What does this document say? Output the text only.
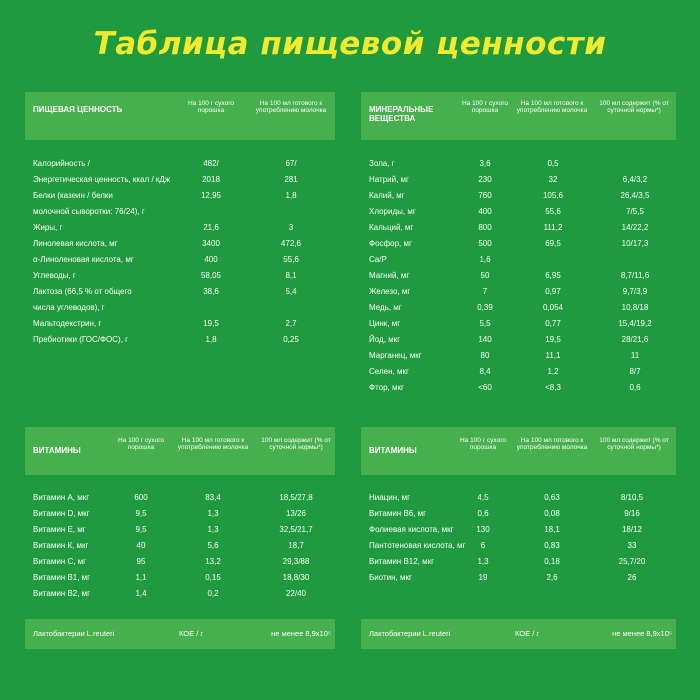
Таблица пищевой ценности
ПИЩЕВАЯ ЦЕННОСТЬ
На 100 г сухого порошка
На 100 мл готового к употреблению молочка
Калорийность /	482/	67/
Энергетическая ценность, ккал / кДж	2018	281
Белки (казеин / белки	12,95	1,8
молочной сыворотки: 76/24), г
Жиры, г	21,6	3
Линолевая кислота, мг	3400	472,6
α-Линоленовая кислота, мг	400	55,6
Углеводы, г	58,05	8,1
Лактоза (66,5 % от общего	38,6	5,4
числа углеводов), г
Мальтодекстрин, г	19,5	2,7
Пребиотики (ГОС/ФОС), г	1,8	0,25
МИНЕРАЛЬНЫЕ ВЕЩЕСТВА
На 100 г сухого порошка
На 100 мл готового к употреблению молочка
100 мл содержит (% от суточной нормы*)
Зола, г	3,6	0,5
Натрий, мг	230	32	6,4/3,2
Калий, мг	760	105,6	26,4/3,5
Хлориды, мг	400	55,6	7/5,5
Кальций, мг	800	111,2	14/22,2
Фосфор, мг	500	69,5	10/17,3
Ca/P	1,6
Магний, мг	50	6,95	8,7/11,6
Железо, мг	7	0,97	9,7/3,9
Медь, мг	0,39	0,054	10,8/18
Цинк, мг	5,5	0,77	15,4/19,2
Йод, мкг	140	19,5	28/21,6
Марганец, мкг	80	11,1	11
Селен, мкг	8,4	1,2	8/7
Фтор, мкг	<60	<8,3	0,6
ВИТАМИНЫ
На 100 г сухого порошка
На 100 мл готового к употреблению молочка
100 мл содержит (% от суточной нормы*)
Витамин А, мкг	600	83,4	18,5/27,8
Витамин D, мкг	9,5	1,3	13/26
Витамин Е, мг	9,5	1,3	32,5/21,7
Витамин К, мкг	40	5,6	18,7
Витамин С, мг	95	13,2	29,3/88
Витамин В1, мг	1,1	0,15	18,8/30
Витамин В2, мг	1,4	0,2	22/40
Лактобактерии L.reuteri	КОЕ / г	не менее 8,9х10⁵
ВИТАМИНЫ
На 100 г сухого порошка
На 100 мл готового к употреблению молочка
100 мл содержит (% от суточной нормы*)
Ниацин, мг	4,5	0,63	8/10,5
Витамин В6, мг	0,6	0,08	9/16
Фолиевая кислота, мкг	130	18,1	18/12
Пантотеновая кислота, мг	6	0,83	33
Витамин В12, мкг	1,3	0,18	25,7/20
Биотин, мкг	19	2,6	26
Лактобактерии L.reuteri	КОЕ / г	не менее 8,9х10⁵
